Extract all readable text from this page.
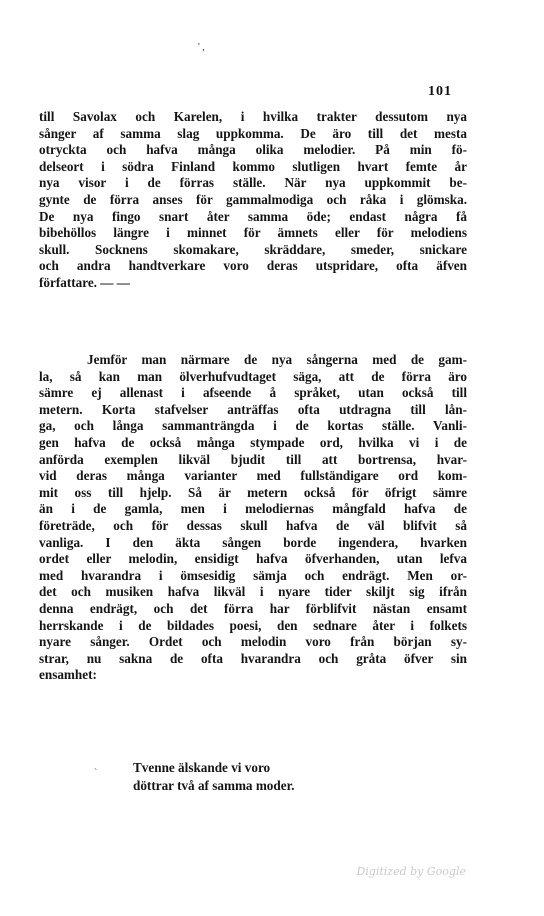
' ,
101
till Savolax och Karelen, i hvilka trakter dessutom nya
sånger af samma slag uppkomma. De äro till det mesta
otryckta och hafva många olika melodier. På min fö-
delseort i södra Finland kommo slutligen hvart femte år
nya visor i de förras ställe. När nya uppkommit be-
gynte de förra anses för gammalmodiga och råka i glömska.
De nya fingo snart åter samma öde; endast några få
bibehöllos längre i minnet för ämnets eller för melodiens
skull. Socknens skomakare, skräddare, smeder, snickare
och andra handtverkare voro deras utspridare, ofta äfven
författare. — —
Jemför man närmare de nya sångerna med de gam-
la, så kan man ölverhufvudtaget säga, att de förra äro
sämre ej allenast i afseende å språket, utan också till
metern. Korta stafvelser anträffas ofta utdragna till lån-
ga, och långa sammanträngda i de kortas ställe. Vanli-
gen hafva de också många stympade ord, hvilka vi i de
anförda exemplen likväl bjudit till att bortrensa, hvar-
vid deras många varianter med fullständigare ord kom-
mit oss till hjelp. Så är metern också för öfrigt sämre
än i de gamla, men i melodiernas mångfald hafva de
företräde, och för dessas skull hafva de väl blifvit så
vanliga. I den äkta sången borde ingendera, hvarken
ordet eller melodin, ensidigt hafva öfverhanden, utan lefva
med hvarandra i ömsesidig sämja och endrägt. Men or-
det och musiken hafva likväl i nyare tider skiljt sig ifrån
denna endrägt, och det förra har förblifvit nästan ensamt
herrskande i de bildades poesi, den sednare åter i folkets
nyare sånger. Ordet och melodin voro från början sy-
strar, nu sakna de ofta hvarandra och gråta öfver sin
ensamhet:
˴	Tvenne älskande vi voro
döttrar två af samma moder.
Digitized by Google
